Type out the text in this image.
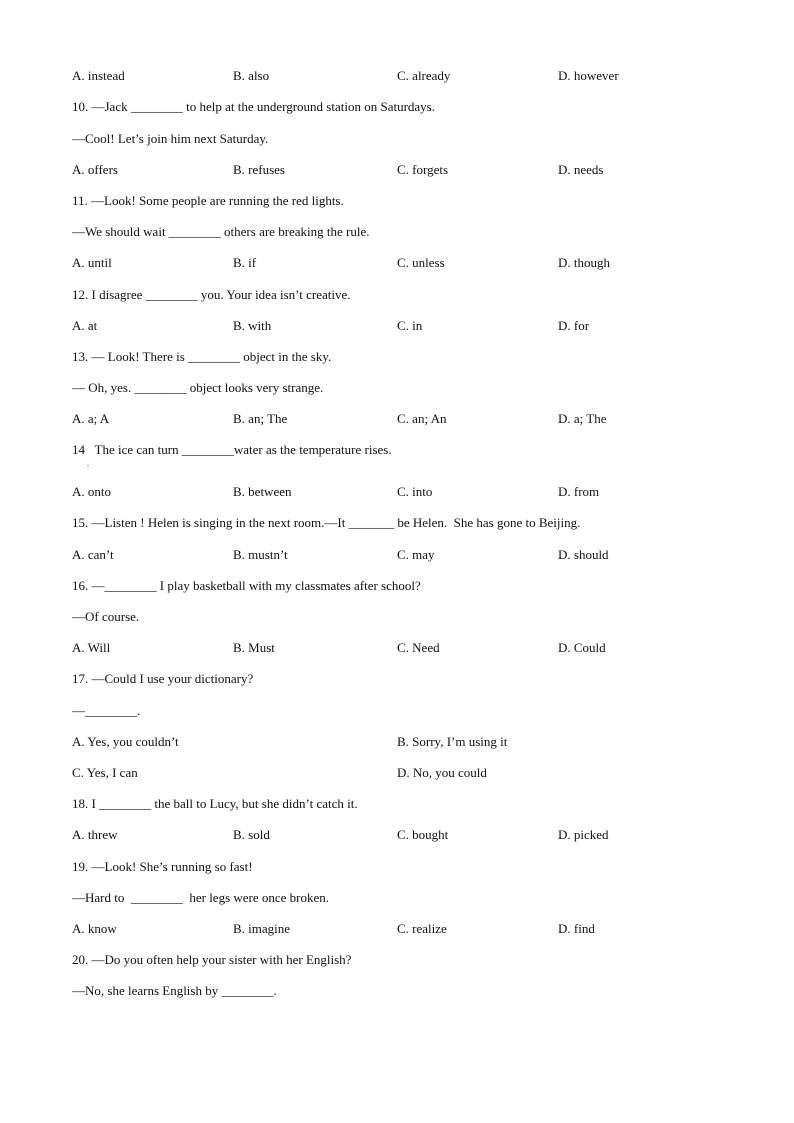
A. instead	B. also	C. already	D. however
10. —Jack ________ to help at the underground station on Saturdays.
—Cool! Let’s join him next Saturday.
A. offers	B. refuses	C. forgets	D. needs
11. —Look! Some people are running the red lights.
—We should wait ________ others are breaking the rule.
A. until	B. if	C. unless	D. though
12. I disagree ________ you. Your idea isn’t creative.
A. at	B. with	C. in	D. for
13. — Look! There is ________ object in the sky.
— Oh, yes. ________ object looks very strange.
A. a; A	B. an; The	C. an; An	D. a; The
14   The ice can turn ________water as the temperature rises.
.
A. onto	B. between	C. into	D. from
15. —Listen ! Helen is singing in the next room.—It _______ be Helen.  She has gone to Beijing.
A. can’t	B. mustn’t	C. may	D. should
16. —________ I play basketball with my classmates after school?
—Of course.
A. Will	B. Must	C. Need	D. Could
17. —Could I use your dictionary?
—________.
A. Yes, you couldn’t	B. Sorry, I’m using it
C. Yes, I can	D. No, you could
18. I ________ the ball to Lucy, but she didn’t catch it.
A. threw	B. sold	C. bought	D. picked
19. —Look! She’s running so fast!
—Hard to  ________  her legs were once broken.
A. know	B. imagine	C. realize	D. find
20. —Do you often help your sister with her English?
—No, she learns English by ________.
